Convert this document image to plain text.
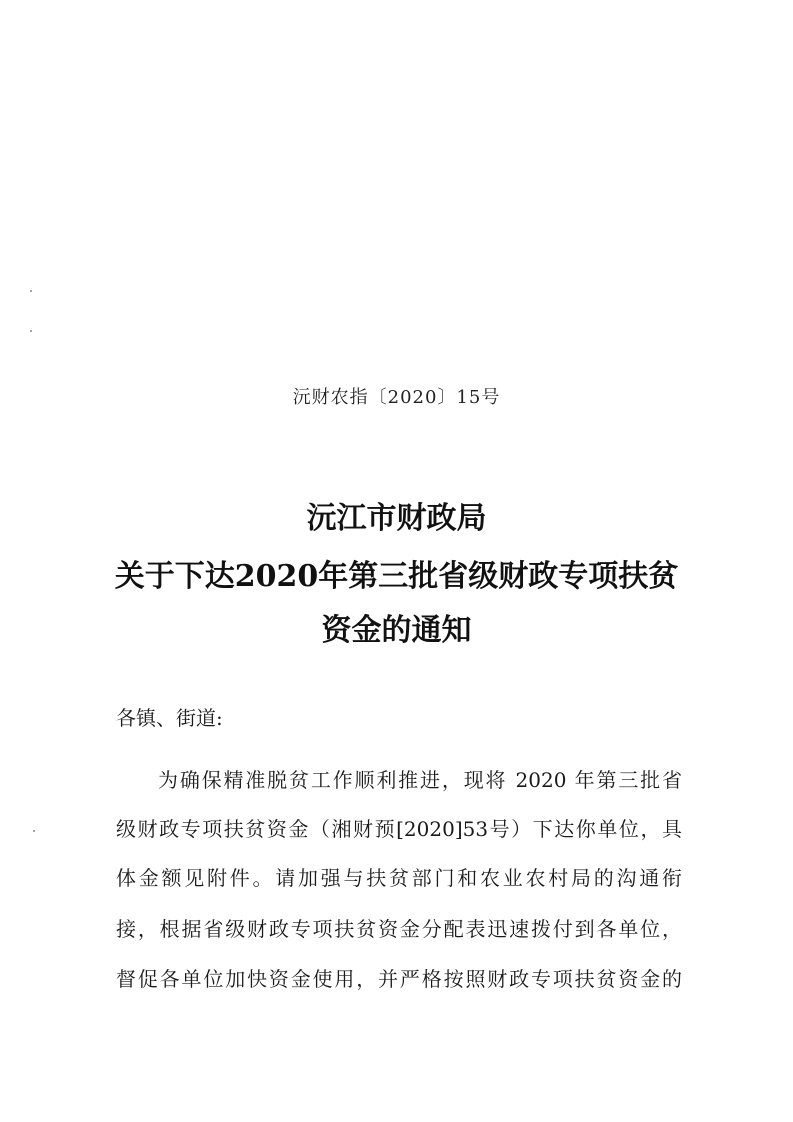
沅财农指〔2020〕15号
沅江市财政局
关于下达2020年第三批省级财政专项扶贫
资金的通知
各镇、街道:
为确保精准脱贫工作顺利推进，现将 2020 年第三批省
级财政专项扶贫资金（湘财预[2020]53号）下达你单位，具
体金额见附件。请加强与扶贫部门和农业农村局的沟通衔
接，根据省级财政专项扶贫资金分配表迅速拨付到各单位，
督促各单位加快资金使用，并严格按照财政专项扶贫资金的
